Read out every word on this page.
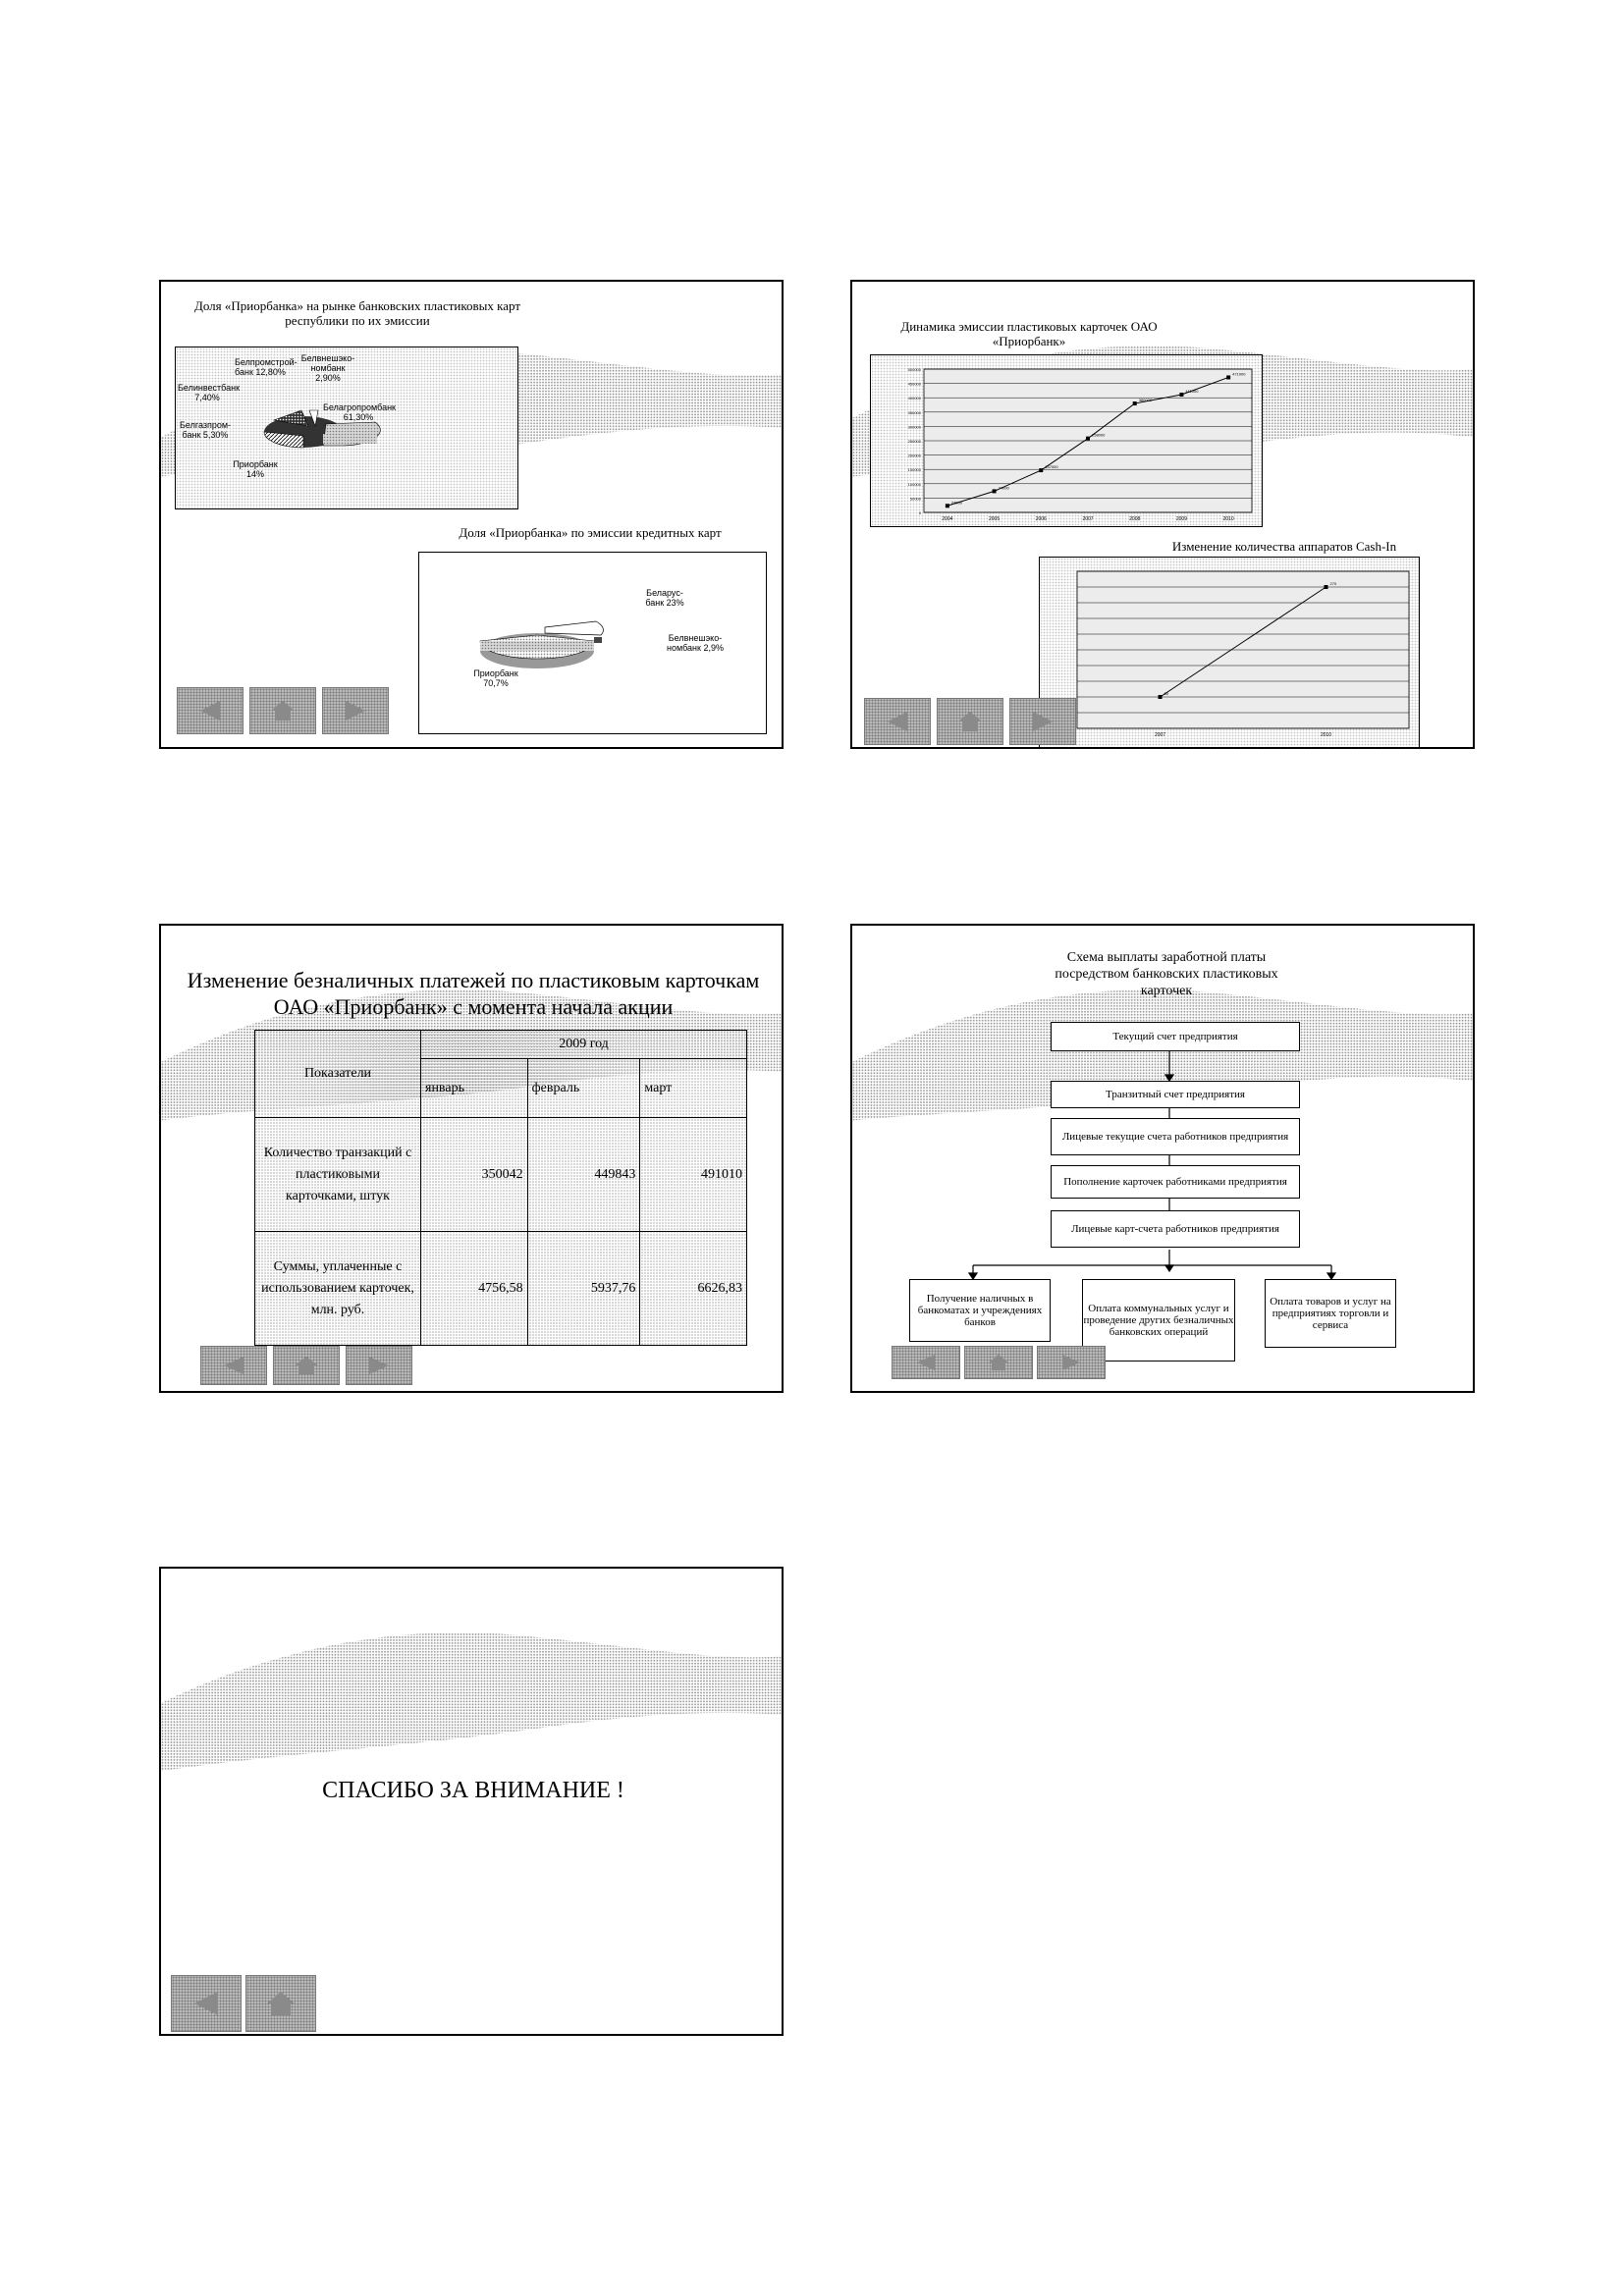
Доля «Приорбанка» на рынке банковских пластиковых карт республики по их эмиссии
Белпромстрой-банк 12,80%
Белвнешэко-номбанк 2,90%
Белинвестбанк 7,40%
Белагропромбанк 61,30%
Белгазпром-банк 5,30%
Приорбанк 14%
Доля «Приорбанка» по эмиссии кредитных карт
Беларус-банк 23%
Белвнешэко-номбанк 2,9%
Приорбанк 70,7%
Динамика эмиссии пластиковых карточек ОАО «Приорбанк»
0
50000
100000
150000
200000
250000
300000
350000
400000
450000
500000
2004	2005	2006	2007	2008	2009	2010
23000
74000
147000
258000
380000
411000
471000
Изменение количества аппаратов Cash-In
2007	2010
60
270
Изменение безналичных платежей по пластиковым карточкам ОАО «Приорбанк» с момента начала акции
Показатели	2009 год		
	январь	февраль	март
Количество транзакций с пластиковыми карточками, штук	350042	449843	491010
Суммы, уплаченные с использованием карточек, млн. руб.	4756,58	5937,76	6626,83
Схема выплаты заработной платы посредством банковских пластиковых карточек
Текущий счет предприятия
Транзитный счет предприятия
Лицевые текущие счета работников предприятия
Пополнение карточек работниками предприятия
Лицевые карт-счета работников предприятия
Получение наличных в банкоматах и учреждениях банков
Оплата коммунальных услуг и проведение других безналичных банковских операций
Оплата товаров и услуг на предприятиях торговли и сервиса
СПАСИБО ЗА ВНИМАНИЕ !
